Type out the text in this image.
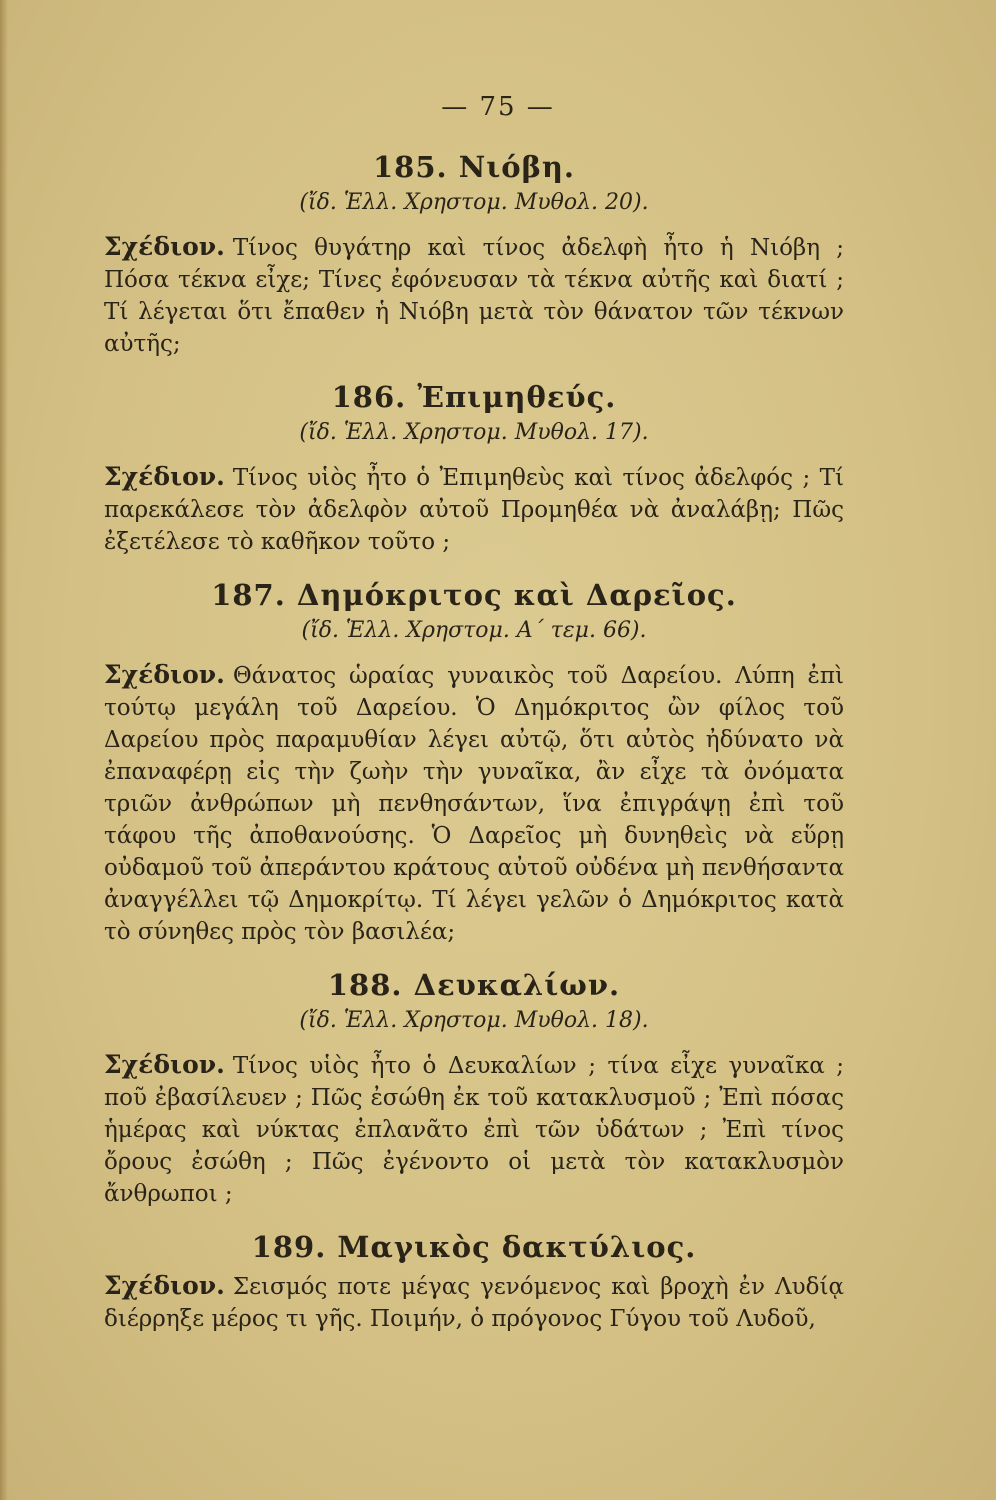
— 75 —

185. Νιόβη.

(ἴδ. Ἑλλ. Χρηστομ. Μυθολ. 20).

Σχέδιον. Τίνος θυγάτηρ καὶ τίνος ἀδελφὴ ἦτο ἡ Νιόβη ; Πόσα τέκνα εἶχε; Τίνες ἐφόνευσαν τὰ τέκνα αὐτῆς καὶ διατί ; Τί λέγεται ὅτι ἔπαθεν ἡ Νιόβη μετὰ τὸν θάνατον τῶν τέκνων αὐτῆς;

186. Ἐπιμηθεύς.

(ἴδ. Ἑλλ. Χρηστομ. Μυθολ. 17).

Σχέδιον. Τίνος υἱὸς ἦτο ὁ Ἐπιμηθεὺς καὶ τίνος ἀδελφός ; Τί παρεκάλεσε τὸν ἀδελφὸν αὐτοῦ Προμηθέα νὰ ἀναλάβῃ; Πῶς ἐξετέλεσε τὸ καθῆκον τοῦτο ;

187. Δημόκριτος καὶ Δαρεῖος.

(ἴδ. Ἑλλ. Χρηστομ. Α΄ τεμ. 66).

Σχέδιον. Θάνατος ὡραίας γυναικὸς τοῦ Δαρείου. Λύπη ἐπὶ τούτῳ μεγάλη τοῦ Δαρείου. Ὁ Δημόκριτος ὢν φίλος τοῦ Δαρείου πρὸς παραμυθίαν λέγει αὐτῷ, ὅτι αὐτὸς ἠδύνατο νὰ ἐπαναφέρῃ εἰς τὴν ζωὴν τὴν γυναῖκα, ἂν εἶχε τὰ ὀνόματα τριῶν ἀνθρώπων μὴ πενθησάντων, ἵνα ἐπιγράψῃ ἐπὶ τοῦ τάφου τῆς ἀποθανούσης. Ὁ Δαρεῖος μὴ δυνηθεὶς νὰ εὕρῃ οὐδαμοῦ τοῦ ἀπεράντου κράτους αὐτοῦ οὐδένα μὴ πενθήσαντα ἀναγγέλλει τῷ Δημοκρίτῳ. Τί λέγει γελῶν ὁ Δημόκριτος κατὰ τὸ σύνηθες πρὸς τὸν βασιλέα;

188. Δευκαλίων.

(ἴδ. Ἑλλ. Χρηστομ. Μυθολ. 18).

Σχέδιον. Τίνος υἱὸς ἦτο ὁ Δευκαλίων ; τίνα εἶχε γυναῖκα ; ποῦ ἐβασίλευεν ; Πῶς ἐσώθη ἐκ τοῦ κατακλυσμοῦ ; Ἐπὶ πόσας ἡμέρας καὶ νύκτας ἐπλανᾶτο ἐπὶ τῶν ὑδάτων ; Ἐπὶ τίνος ὄρους ἐσώθη ; Πῶς ἐγένοντο οἱ μετὰ τὸν κατακλυσμὸν ἄνθρωποι ;

189. Μαγικὸς δακτύλιος.

Σχέδιον. Σεισμός ποτε μέγας γενόμενος καὶ βροχὴ ἐν Λυδίᾳ διέρρηξε μέρος τι γῆς. Ποιμήν, ὁ πρόγονος Γύγου τοῦ Λυδοῦ,
